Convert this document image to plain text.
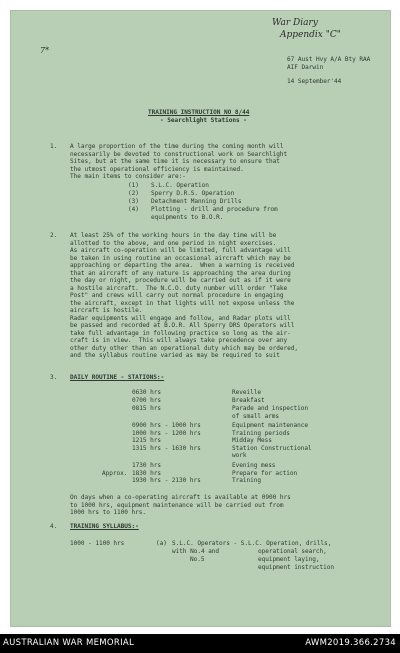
War Diary
Appendix "C"
7*
67 Aust Hvy A/A Bty RAA
AIF Darwin
14 September'44
TRAINING INSTRUCTION NO 8/44
- Searchlight Stations -
1. A large proportion of the time during the coming month will
necessarily be devoted to constructional work on Searchlight
Sites, but at the same time it is necessary to ensure that
the utmost operational efficiency is maintained.
The main items to consider are:-
(1) S.L.C. Operation
(2) Sperry D.R.S. Operation
(3) Detachment Manning Drills
(4) Plotting - drill and procedure from
equipments to B.O.R.
2. At least 25% of the working hours in the day time will be
allotted to the above, and one period in night exercises.
As aircraft co-operation will be limited, full advantage will
be taken in using routine an occasional aircraft which may be
approaching or departing the area.  When a warning is received
that an aircraft of any nature is approaching the area during
the day or night, procedure will be carried out as if it were
a hostile aircraft.  The N.C.O. duty number will order "Take
Post" and crews will carry out normal procedure in engaging
the aircraft, except in that lights will not expose unless the
aircraft is hostile.
Radar equipments will engage and follow, and Radar plots will
be passed and recorded at B.O.R. All Sperry DRS Operators will
take full advantage in following practice so long as the air-
craft is in view.  This will always take precedence over any
other duty other than an operational duty which may be ordered,
and the syllabus routine varied as may be required to suit
3. DAILY ROUTINE - STATIONS:-
0630 hrs	Reveille
0700 hrs	Breakfast
0815 hrs	Parade and inspection
of small arms
0900 hrs - 1000 hrs	Equipment maintenance
1000 hrs - 1200 hrs	Training periods
1215 hrs	Midday Mess
1315 hrs - 1630 hrs	Station Constructional
work
1730 hrs	Evening mess
Approx. 1830 hrs	Prepare for action
1930 hrs - 2130 hrs	Training
On days when a co-operating aircraft is available at 0900 hrs
to 1000 hrs, equipment maintenance will be carried out from
1000 hrs to 1100 hrs.
4. TRAINING SYLLABUS:-
1000 - 1100 hrs	(a) S.L.C. Operators - S.L.C. Operation, drills,
with No.4 and
No.5
operational search,
equipment laying,
equipment instruction
AUSTRALIAN WAR MEMORIAL	AWM2019.366.2734
